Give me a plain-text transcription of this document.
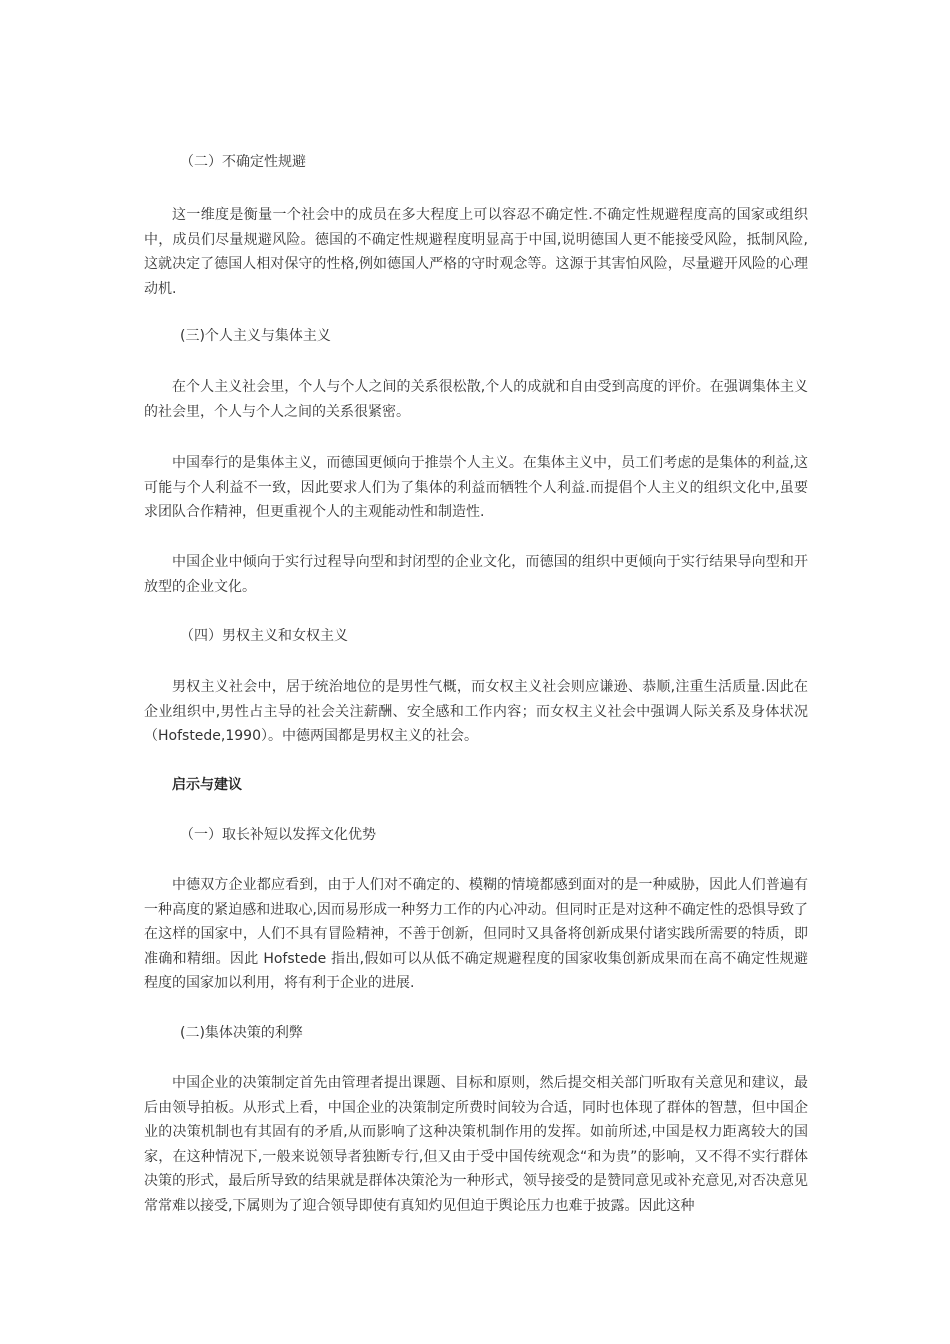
（二）不确定性规避

这一维度是衡量一个社会中的成员在多大程度上可以容忍不确定性.不确定性规避程度高的国家或组织中，成员们尽量规避风险。德国的不确定性规避程度明显高于中国,说明德国人更不能接受风险，抵制风险,这就决定了德国人相对保守的性格,例如德国人严格的守时观念等。这源于其害怕风险，尽量避开风险的心理动机.

(三)个人主义与集体主义

在个人主义社会里，个人与个人之间的关系很松散,个人的成就和自由受到高度的评价。在强调集体主义的社会里，个人与个人之间的关系很紧密。

中国奉行的是集体主义，而德国更倾向于推崇个人主义。在集体主义中，员工们考虑的是集体的利益,这可能与个人利益不一致，因此要求人们为了集体的利益而牺牲个人利益.而提倡个人主义的组织文化中,虽要求团队合作精神，但更重视个人的主观能动性和制造性.

中国企业中倾向于实行过程导向型和封闭型的企业文化，而德国的组织中更倾向于实行结果导向型和开放型的企业文化。

（四）男权主义和女权主义

男权主义社会中，居于统治地位的是男性气概，而女权主义社会则应谦逊、恭顺,注重生活质量.因此在企业组织中,男性占主导的社会关注薪酬、安全感和工作内容；而女权主义社会中强调人际关系及身体状况（Hofstede,1990）。中德两国都是男权主义的社会。

启示与建议

（一）取长补短以发挥文化优势

中德双方企业都应看到，由于人们对不确定的、模糊的情境都感到面对的是一种威胁，因此人们普遍有一种高度的紧迫感和进取心,因而易形成一种努力工作的内心冲动。但同时正是对这种不确定性的恐惧导致了在这样的国家中，人们不具有冒险精神，不善于创新，但同时又具备将创新成果付诸实践所需要的特质，即准确和精细。因此 Hofstede 指出,假如可以从低不确定规避程度的国家收集创新成果而在高不确定性规避程度的国家加以利用，将有利于企业的进展.

(二)集体决策的利弊

中国企业的决策制定首先由管理者提出课题、目标和原则，然后提交相关部门听取有关意见和建议，最后由领导拍板。从形式上看，中国企业的决策制定所费时间较为合适，同时也体现了群体的智慧，但中国企业的决策机制也有其固有的矛盾,从而影响了这种决策机制作用的发挥。如前所述,中国是权力距离较大的国家，在这种情况下,一般来说领导者独断专行,但又由于受中国传统观念“和为贵”的影响，又不得不实行群体决策的形式，最后所导致的结果就是群体决策沦为一种形式，领导接受的是赞同意见或补充意见,对否决意见常常难以接受,下属则为了迎合领导即使有真知灼见但迫于舆论压力也难于披露。因此这种
